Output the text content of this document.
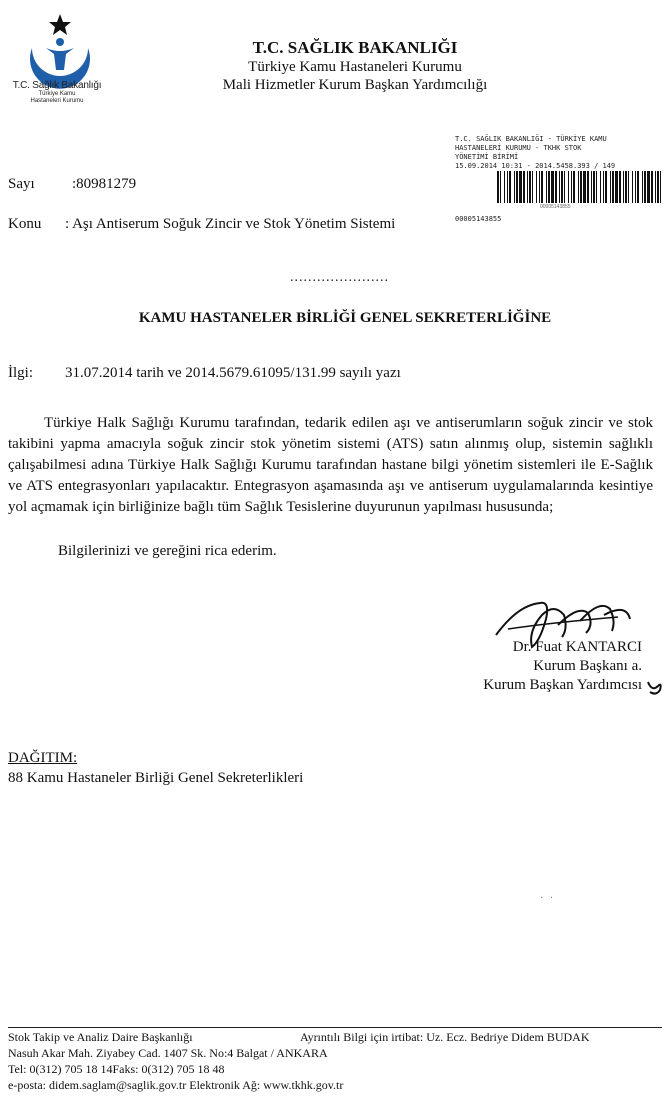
T.C. Sağlık Bakanlığı
Türkiye Kamu
Hastaneleri Kurumu
T.C. SAĞLIK BAKANLIĞI
Türkiye Kamu Hastaneleri Kurumu
Mali Hizmetler Kurum Başkan Yardımcılığı
T.C. SAĞLIK BAKANLIĞI - TÜRKİYE KAMU
HASTANELERİ KURUMU - TKHK STOK
YÖNETİMİ BİRİMİ
15.09.2014 10:31 - 2014.5458.393 / 149
00005143855
00005143855
Sayı :80981279
Konu : Aşı Antiserum Soğuk Zincir ve Stok Yönetim Sistemi
......................
KAMU HASTANELER BİRLİĞİ GENEL SEKRETERLİĞİNE
İlgi: 31.07.2014 tarih ve 2014.5679.61095/131.99 sayılı yazı
Türkiye Halk Sağlığı Kurumu tarafından, tedarik edilen aşı ve antiserumların soğuk zincir ve stok takibini yapma amacıyla soğuk zincir stok yönetim sistemi (ATS) satın alınmış olup, sistemin sağlıklı çalışabilmesi adına Türkiye Halk Sağlığı Kurumu tarafından hastane bilgi yönetim sistemleri ile E-Sağlık ve ATS entegrasyonları yapılacaktır. Entegrasyon aşamasında aşı ve antiserum uygulamalarında kesintiye yol açmamak için birliğinize bağlı tüm Sağlık Tesislerine duyurunun yapılması hususunda;
Bilgilerinizi ve gereğini rica ederim.
Dr. Fuat KANTARCI
Kurum Başkanı a.
Kurum Başkan Yardımcısı
DAĞITIM:
88 Kamu Hastaneler Birliği Genel Sekreterlikleri
· ·
Stok Takip ve Analiz Daire Başkanlığı	Ayrıntılı Bilgi için irtibat: Uz. Ecz. Bedriye Didem BUDAK
Nasuh Akar Mah. Ziyabey Cad. 1407 Sk. No:4 Balgat / ANKARA
Tel: 0(312) 705 18 14Faks: 0(312) 705 18 48
e-posta: didem.saglam@saglik.gov.tr Elektronik Ağ: www.tkhk.gov.tr
